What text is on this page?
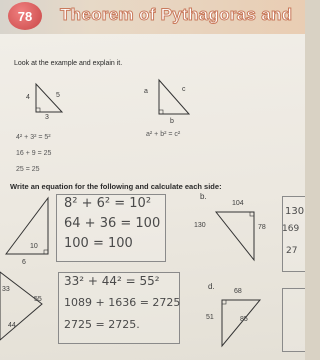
78	Theorem of Pythagoras and
Look at the example and explain it.
4	5
3
a	c
b
4² + 3² = 5²
16 + 9 = 25
25 = 25
a² + b² = c²
Write an equation for the following and calculate each side:
10
6
8² + 6² = 10²
64 + 36 = 100
100 = 100
b.
104
130	78
130
169
27
33
55
44
33² + 44² = 55²
1089 + 1636 = 2725
2725 = 2725.
d.
68
51	85
